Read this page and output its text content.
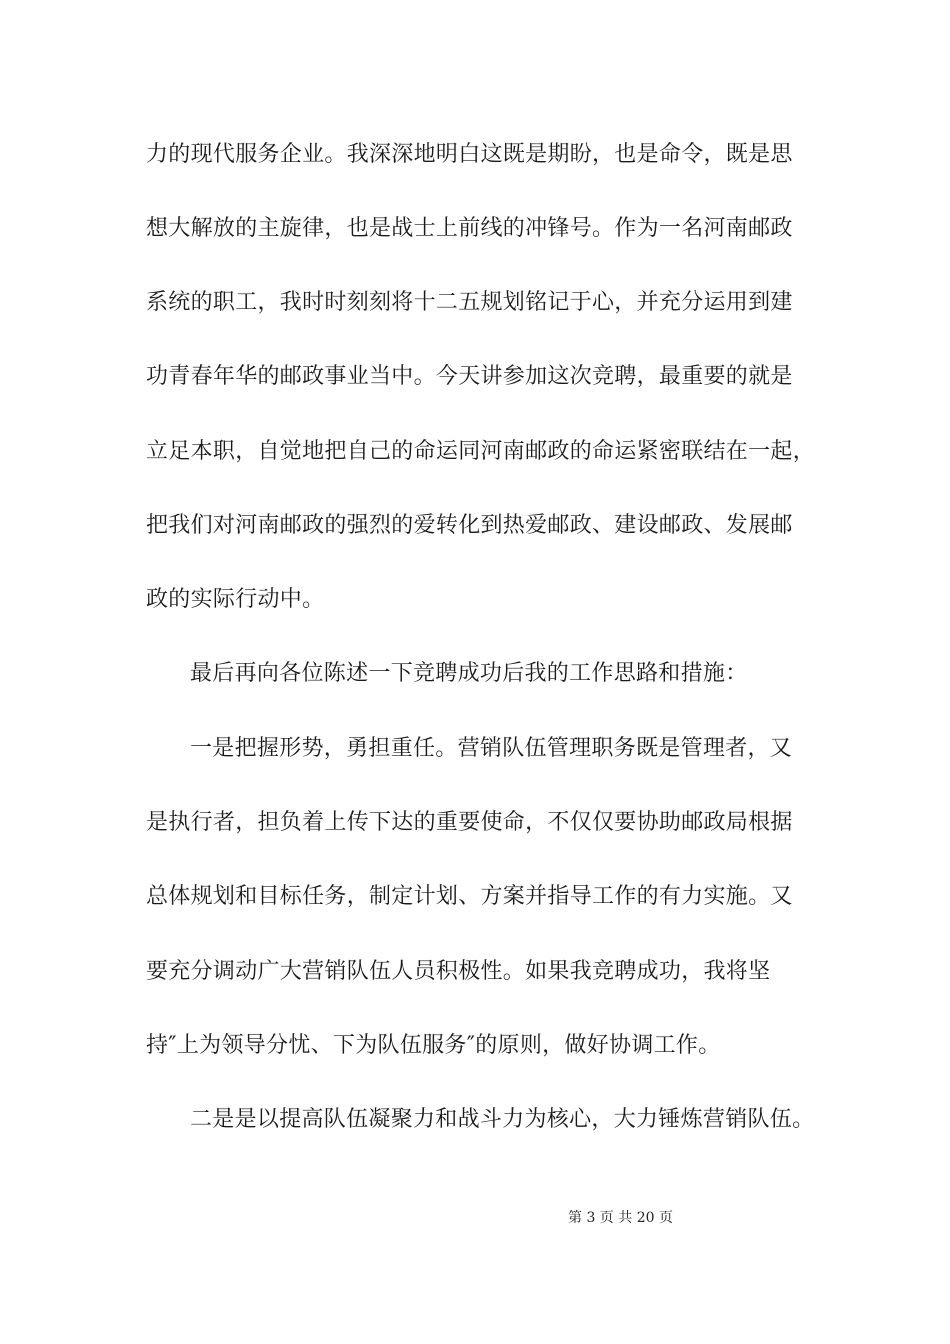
力的现代服务企业。我深深地明白这既是期盼，也是命令，既是思
想大解放的主旋律，也是战士上前线的冲锋号。作为一名河南邮政
系统的职工，我时时刻刻将十二五规划铭记于心，并充分运用到建
功青春年华的邮政事业当中。今天讲参加这次竞聘，最重要的就是
立足本职，自觉地把自己的命运同河南邮政的命运紧密联结在一起，
把我们对河南邮政的强烈的爱转化到热爱邮政、建设邮政、发展邮
政的实际行动中。
最后再向各位陈述一下竞聘成功后我的工作思路和措施：
一是把握形势，勇担重任。营销队伍管理职务既是管理者，又
是执行者，担负着上传下达的重要使命，不仅仅要协助邮政局根据
总体规划和目标任务，制定计划、方案并指导工作的有力实施。又
要充分调动广大营销队伍人员积极性。如果我竞聘成功，我将坚
持″上为领导分忧、下为队伍服务″的原则，做好协调工作。
二是是以提高队伍凝聚力和战斗力为核心，大力锤炼营销队伍。
第 3 页 共 20 页
